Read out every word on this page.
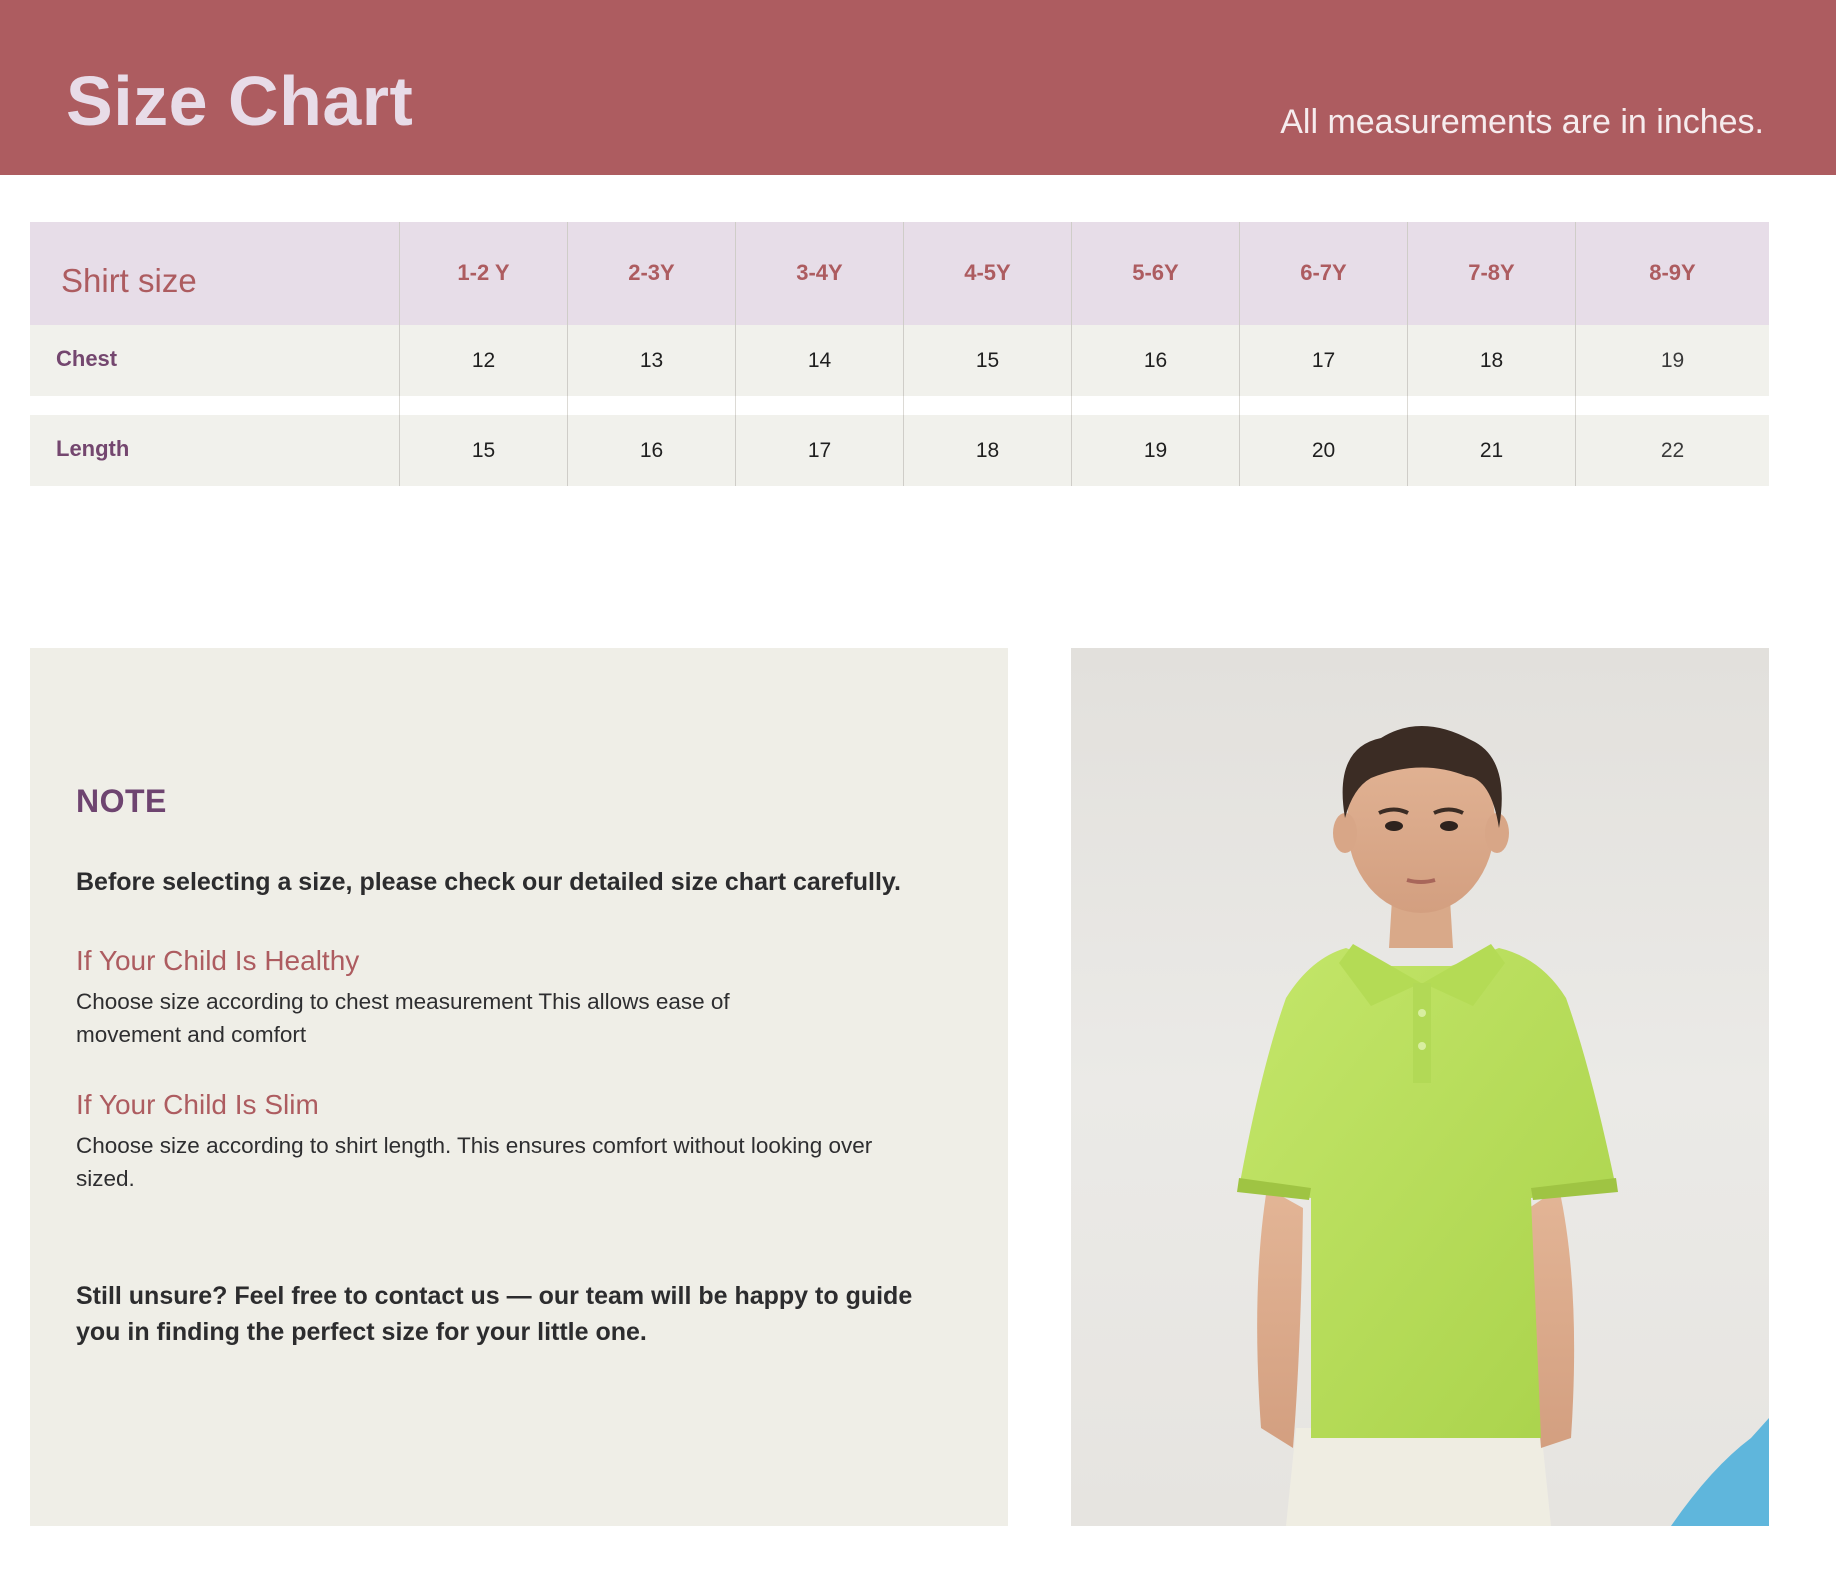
Size Chart	All measurements are in inches.
Shirt size	1-2 Y	2-3Y	3-4Y	4-5Y	5-6Y	6-7Y	7-8Y	8-9Y
Chest	12	13	14	15	16	17	18	19
Length	15	16	17	18	19	20	21	22
NOTE
Before selecting a size, please check our detailed size chart carefully.
If Your Child Is Healthy
Choose size according to chest measurement This allows ease of movement and comfort
If Your Child Is Slim
Choose size according to shirt length. This ensures comfort without looking over sized.
Still unsure? Feel free to contact us — our team will be happy to guide you in finding the perfect size for your little one.
